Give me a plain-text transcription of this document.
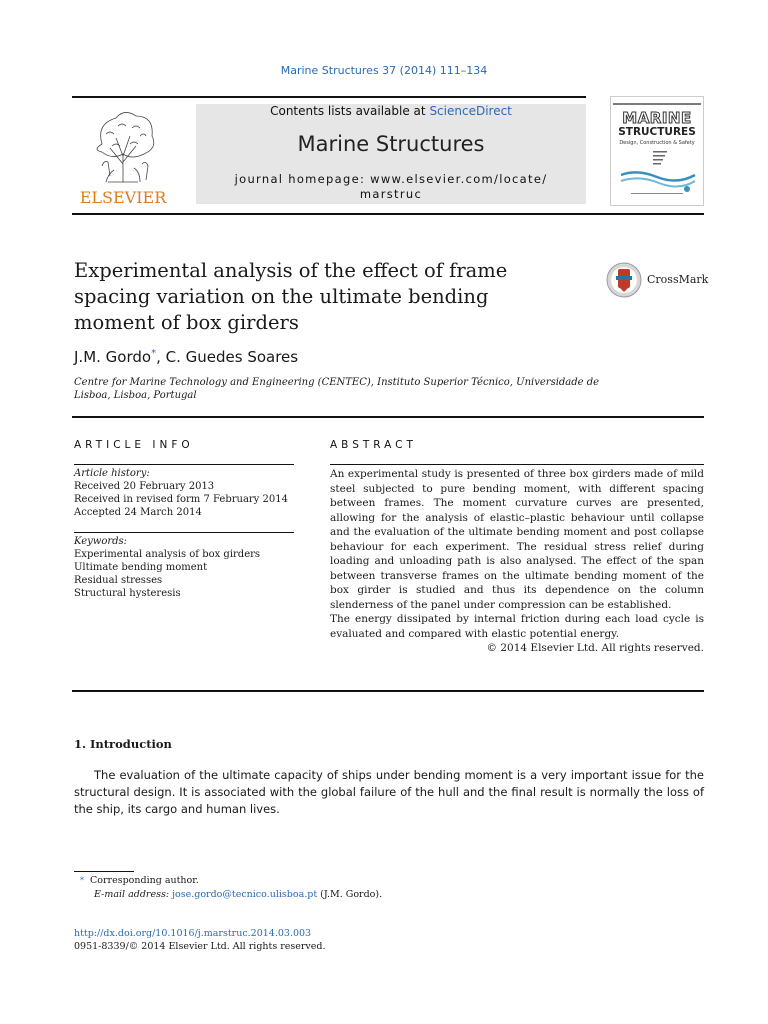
Marine Structures 37 (2014) 111–134
ELSEVIER
Contents lists available at ScienceDirect
Marine Structures
journal homepage: www.elsevier.com/locate/
marstruc
MARINE
STRUCTURES
Design, Construction & Safety
Experimental analysis of the effect of frame spacing variation on the ultimate bending moment of box girders
CrossMark
J.M. Gordo*, C. Guedes Soares
Centre for Marine Technology and Engineering (CENTEC), Instituto Superior Técnico, Universidade de Lisboa, Lisboa, Portugal
ARTICLE INFO
Article history:
Received 20 February 2013
Received in revised form 7 February 2014
Accepted 24 March 2014
Keywords:
Experimental analysis of box girders
Ultimate bending moment
Residual stresses
Structural hysteresis
ABSTRACT

An experimental study is presented of three box girders made of mild steel subjected to pure bending moment, with different spacing between frames. The moment curvature curves are presented, allowing for the analysis of elastic–plastic behaviour until collapse and the evaluation of the ultimate bending moment and post collapse behaviour for each experiment. The residual stress relief during loading and unloading path is also analysed. The effect of the span between transverse frames on the ultimate bending moment of the box girder is studied and thus its dependence on the column slenderness of the panel under compression can be established.

The energy dissipated by internal friction during each load cycle is evaluated and compared with elastic potential energy.

© 2014 Elsevier Ltd. All rights reserved.

1. Introduction

The evaluation of the ultimate capacity of ships under bending moment is a very important issue for the structural design. It is associated with the global failure of the hull and the final result is normally the loss of the ship, its cargo and human lives.

* Corresponding author.
E-mail address: jose.gordo@tecnico.ulisboa.pt (J.M. Gordo).
http://dx.doi.org/10.1016/j.marstruc.2014.03.003
0951-8339/© 2014 Elsevier Ltd. All rights reserved.
